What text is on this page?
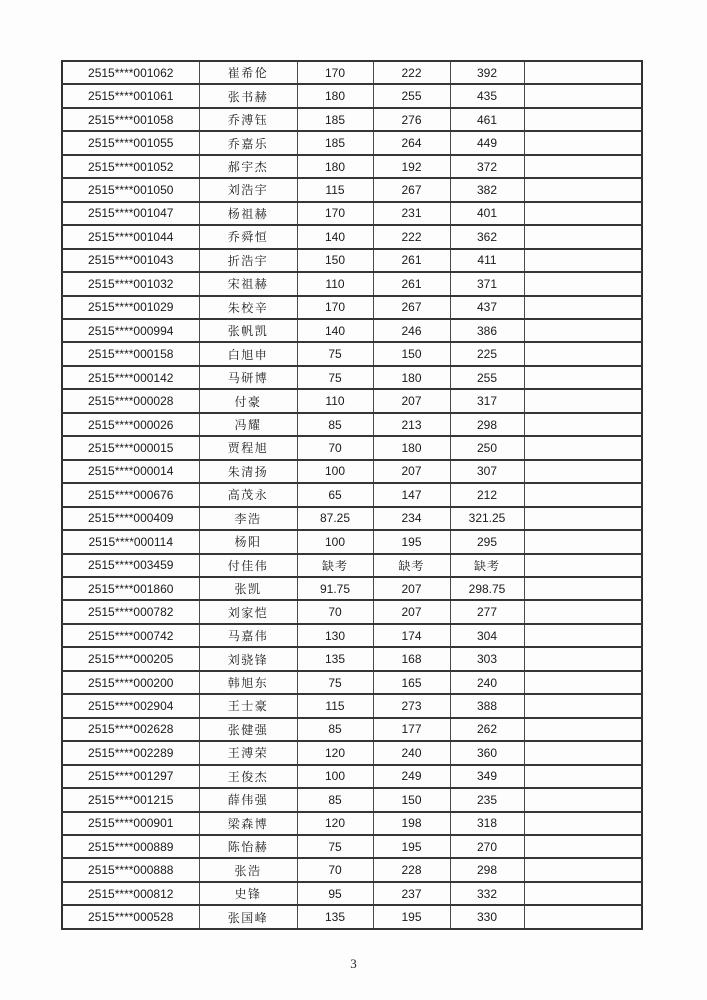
2515****001062	崔希伦	170	222	392	
2515****001061	张书赫	180	255	435	
2515****001058	乔溥钰	185	276	461	
2515****001055	乔嘉乐	185	264	449	
2515****001052	郝宇杰	180	192	372	
2515****001050	刘浩宇	115	267	382	
2515****001047	杨祖赫	170	231	401	
2515****001044	乔舜恒	140	222	362	
2515****001043	折浩宇	150	261	411	
2515****001032	宋祖赫	110	261	371	
2515****001029	朱校辛	170	267	437	
2515****000994	张帆凯	140	246	386	
2515****000158	白旭申	75	150	225	
2515****000142	马研博	75	180	255	
2515****000028	付豪	110	207	317	
2515****000026	冯耀	85	213	298	
2515****000015	贾程旭	70	180	250	
2515****000014	朱清扬	100	207	307	
2515****000676	高茂永	65	147	212	
2515****000409	李浩	87.25	234	321.25	
2515****000114	杨阳	100	195	295	
2515****003459	付佳伟	缺考	缺考	缺考	
2515****001860	张凯	91.75	207	298.75	
2515****000782	刘家恺	70	207	277	
2515****000742	马嘉伟	130	174	304	
2515****000205	刘骁锋	135	168	303	
2515****000200	韩旭东	75	165	240	
2515****002904	王士豪	115	273	388	
2515****002628	张健强	85	177	262	
2515****002289	王溥荣	120	240	360	
2515****001297	王俊杰	100	249	349	
2515****001215	薛伟强	85	150	235	
2515****000901	梁森博	120	198	318	
2515****000889	陈怡赫	75	195	270	
2515****000888	张浩	70	228	298	
2515****000812	史锋	95	237	332	
2515****000528	张国峰	135	195	330	
3
